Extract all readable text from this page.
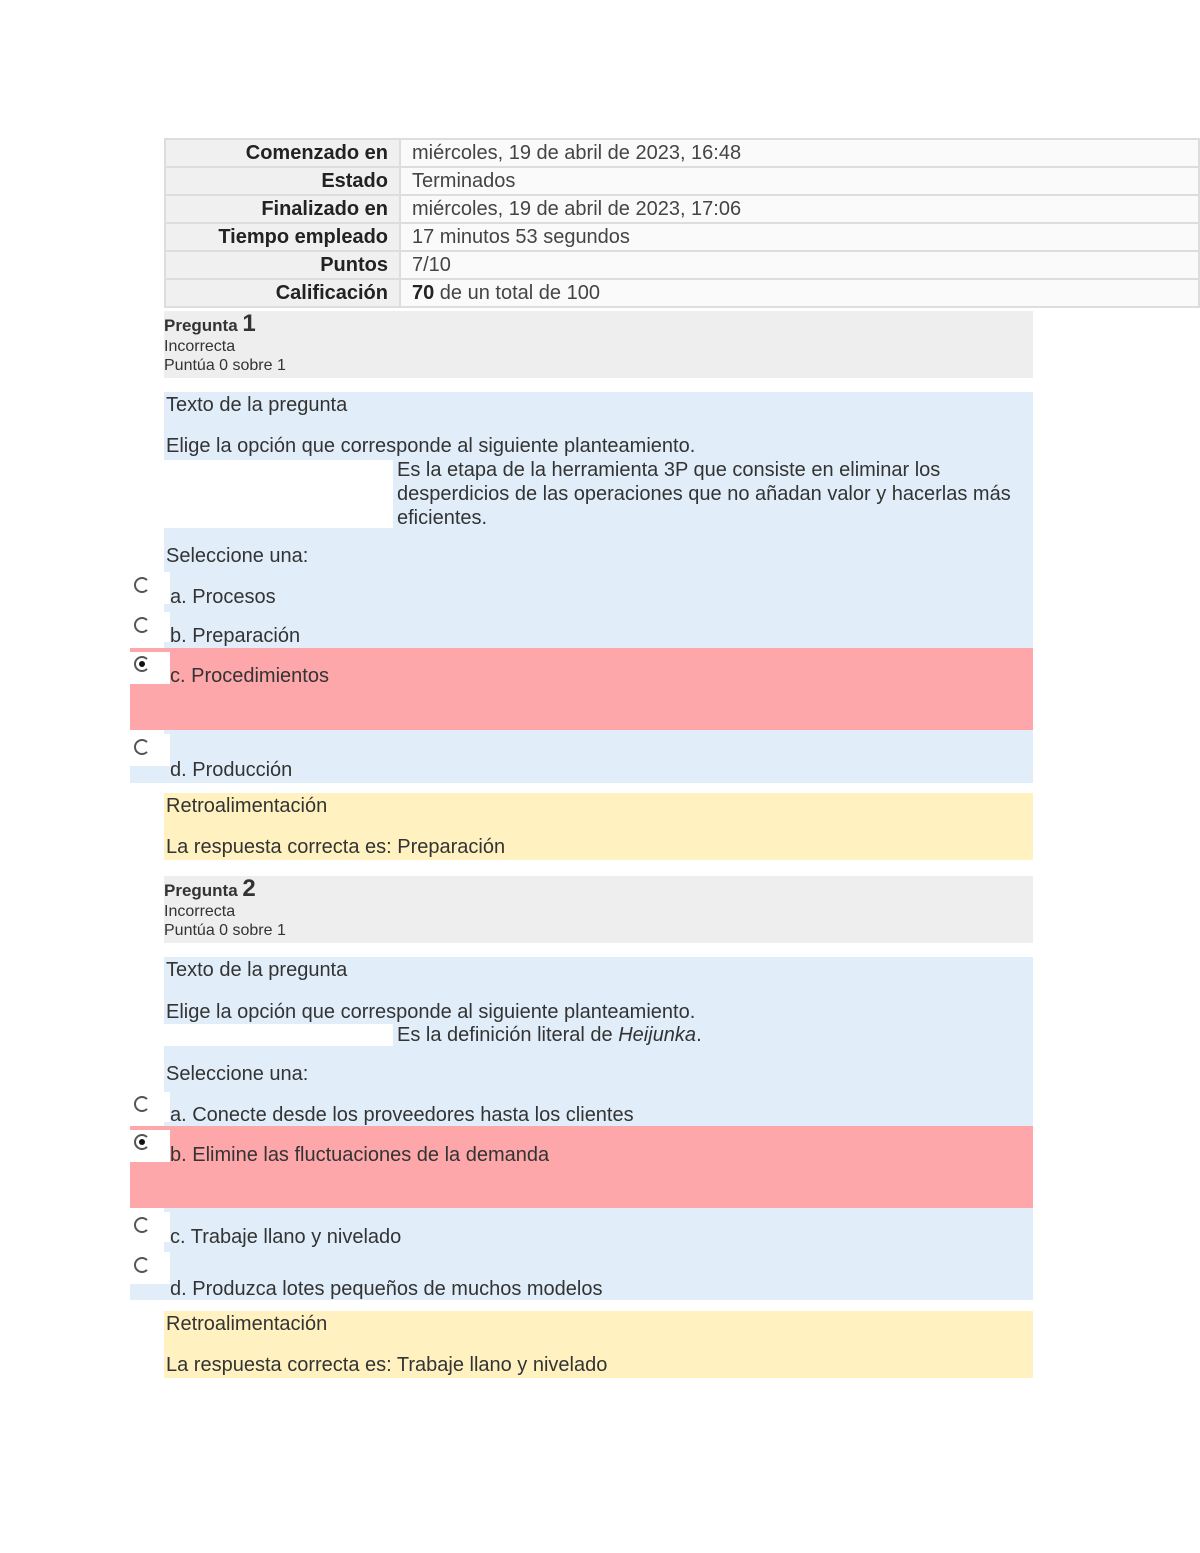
Comenzado en	miércoles, 19 de abril de 2023, 16:48
Estado	Terminados
Finalizado en	miércoles, 19 de abril de 2023, 17:06
Tiempo empleado	17 minutos 53 segundos
Puntos	7/10
Calificación	70 de un total de 100
Pregunta 1
Incorrecta
Puntúa 0 sobre 1
Texto de la pregunta
Elige la opción que corresponde al siguiente planteamiento.
Es la etapa de la herramienta 3P que consiste en eliminar los
desperdicios de las operaciones que no añadan valor y hacerlas más
eficientes.
Seleccione una:
a. Procesos
b. Preparación
c. Procedimientos
d. Producción
Retroalimentación
La respuesta correcta es: Preparación
Pregunta 2
Incorrecta
Puntúa 0 sobre 1
Texto de la pregunta
Elige la opción que corresponde al siguiente planteamiento.
Es la definición literal de Heijunka.
Seleccione una:
a. Conecte desde los proveedores hasta los clientes
b. Elimine las fluctuaciones de la demanda
c. Trabaje llano y nivelado
d. Produzca lotes pequeños de muchos modelos
Retroalimentación
La respuesta correcta es: Trabaje llano y nivelado
